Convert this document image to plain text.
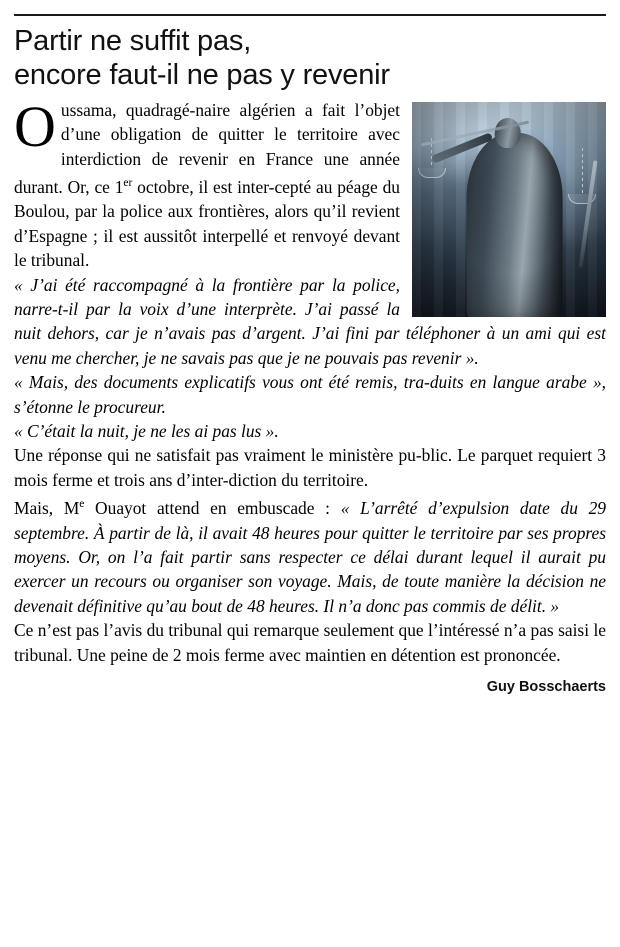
Partir ne suffit pas,
encore faut-il ne pas y revenir

Oussama, quadragé-naire algérien a fait l’objet d’une obligation de quitter le territoire avec interdiction de revenir en France une année durant. Or, ce 1er octobre, il est inter-cepté au péage du Boulou, par la police aux frontières, alors qu’il revient d’Espagne ; il est aussitôt interpellé et renvoyé devant le tribunal.

« J’ai été raccompagné à la frontière par la police, narre-t-il par la voix d’une interprète. J’ai passé la nuit dehors, car je n’avais pas d’argent. J’ai fini par téléphoner à un ami qui est venu me chercher, je ne savais pas que je ne pouvais pas revenir ».

« Mais, des documents explicatifs vous ont été remis, tra-duits en langue arabe », s’étonne le procureur.

« C’était la nuit, je ne les ai pas lus ».

Une réponse qui ne satisfait pas vraiment le ministère pu-blic. Le parquet requiert 3 mois ferme et trois ans d’inter-diction du territoire.

Mais, Me Ouayot attend en embuscade : « L’arrêté d’expulsion date du 29 septembre. À partir de là, il avait 48 heures pour quitter le territoire par ses propres moyens. Or, on l’a fait partir sans respecter ce délai durant lequel il aurait pu exercer un recours ou organiser son voyage. Mais, de toute manière la décision ne devenait définitive qu’au bout de 48 heures. Il n’a donc pas commis de délit. »

Ce n’est pas l’avis du tribunal qui remarque seulement que l’intéressé n’a pas saisi le tribunal. Une peine de 2 mois ferme avec maintien en détention est prononcée.

Guy Bosschaerts
